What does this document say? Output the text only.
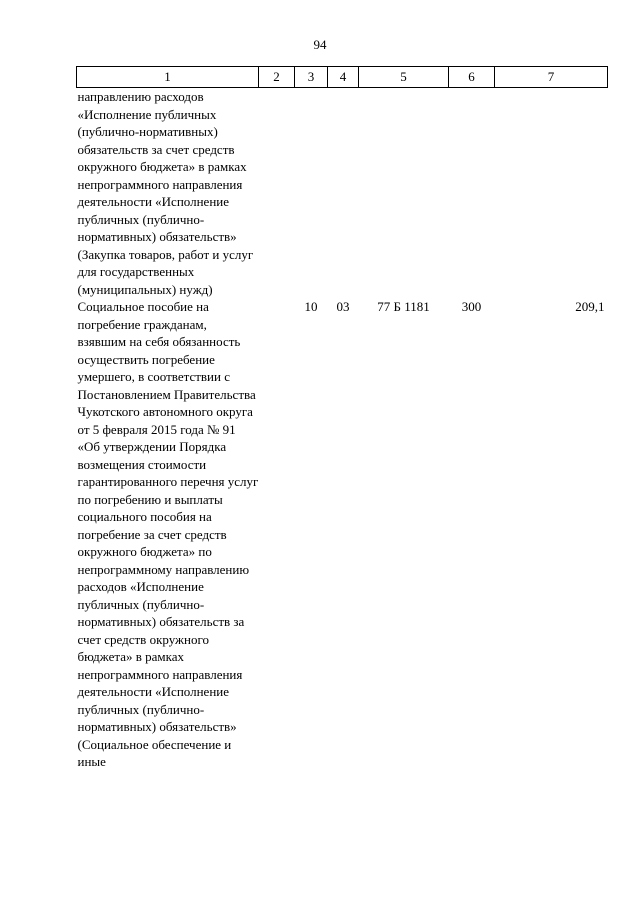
94
1	2	3	4	5	6	7
направлению расходов «Исполнение публичных (публично-нормативных) обязательств за счет средств окружного бюджета» в рамках непрограммного направления деятельности «Исполнение публичных (публично-нормативных) обязательств» (Закупка товаров, работ и услуг для государственных (муниципальных) нужд)						
Социальное пособие на погребение гражданам, взявшим на себя обязанность осуществить погребение умершего, в соответствии с Постановлением Правительства Чукотского автономного округа от 5 февраля 2015 года № 91 «Об утверждении Порядка возмещения стоимости гарантированного перечня услуг по погребению и выплаты социального пособия на погребение за счет средств окружного бюджета» по непрограммному направлению расходов «Исполнение публичных (публично-нормативных) обязательств за счет средств окружного бюджета» в рамках непрограммного направления деятельности «Исполнение публичных (публично-нормативных) обязательств» (Социальное обеспечение и иные		10	03	77 Б 1181	300	209,1
